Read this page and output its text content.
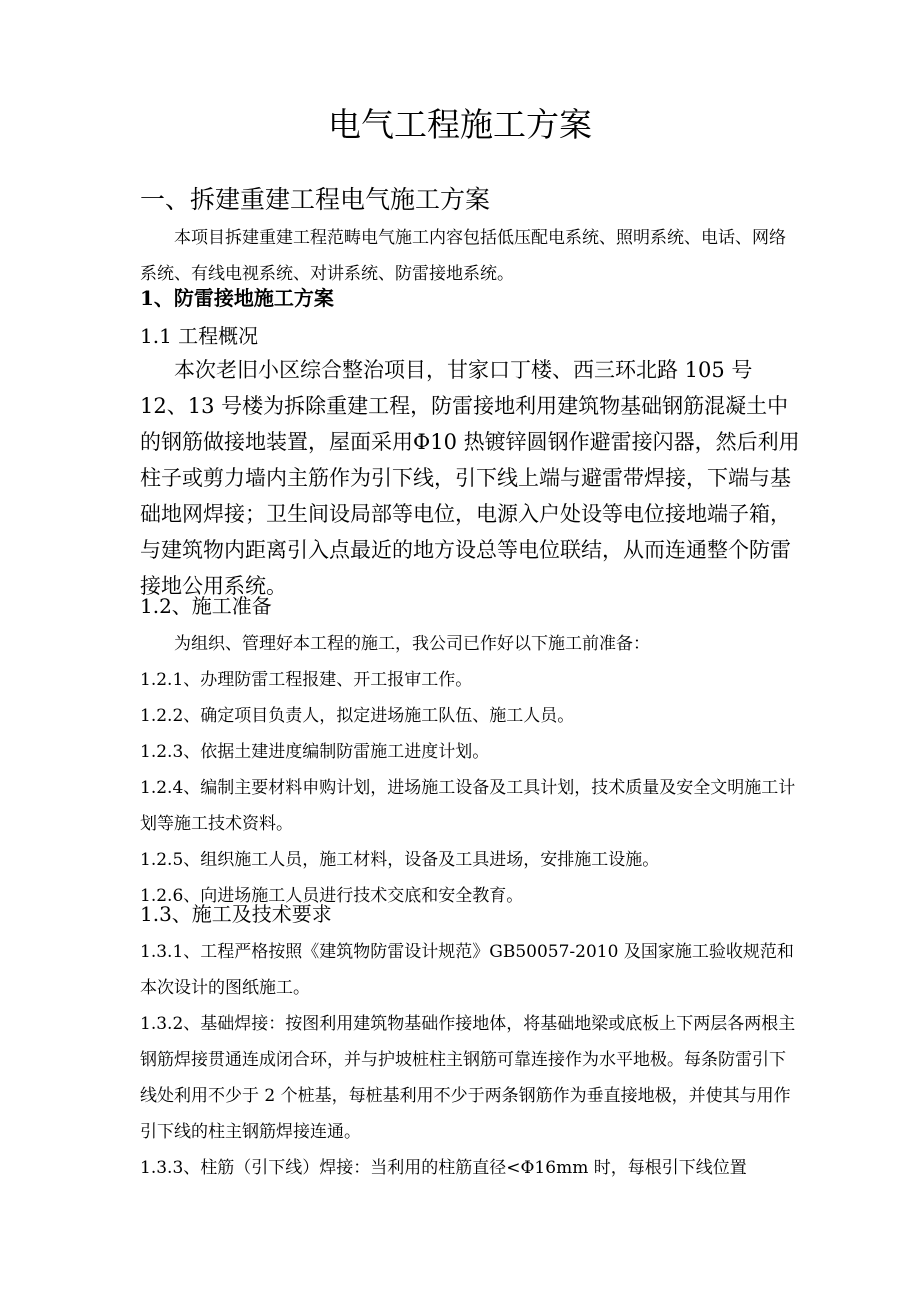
电气工程施工方案
一、拆建重建工程电气施工方案

本项目拆建重建工程范畴电气施工内容包括低压配电系统、照明系统、电话、网络系统、有线电视系统、对讲系统、防雷接地系统。

1、防雷接地施工方案
1.1 工程概况

本次老旧小区综合整治项目，甘家口丁楼、西三环北路 105 号 12、13 号楼为拆除重建工程，防雷接地利用建筑物基础钢筋混凝土中的钢筋做接地装置，屋面采用Φ10 热镀锌圆钢作避雷接闪器，然后利用柱子或剪力墙内主筋作为引下线，引下线上端与避雷带焊接，下端与基础地网焊接；卫生间设局部等电位，电源入户处设等电位接地端子箱，与建筑物内距离引入点最近的地方设总等电位联结，从而连通整个防雷接地公用系统。

1.2、施工准备

为组织、管理好本工程的施工，我公司已作好以下施工前准备：

1.2.1、办理防雷工程报建、开工报审工作。

1.2.2、确定项目负责人，拟定进场施工队伍、施工人员。

1.2.3、依据土建进度编制防雷施工进度计划。

1.2.4、编制主要材料申购计划，进场施工设备及工具计划，技术质量及安全文明施工计划等施工技术资料。

1.2.5、组织施工人员，施工材料，设备及工具进场，安排施工设施。

1.2.6、向进场施工人员进行技术交底和安全教育。

1.3、施工及技术要求

1.3.1、工程严格按照《建筑物防雷设计规范》GB50057-2010 及国家施工验收规范和本次设计的图纸施工。

1.3.2、基础焊接：按图利用建筑物基础作接地体，将基础地梁或底板上下两层各两根主钢筋焊接贯通连成闭合环，并与护坡桩柱主钢筋可靠连接作为水平地极。每条防雷引下线处利用不少于 2 个桩基，每桩基利用不少于两条钢筋作为垂直接地极，并使其与用作引下线的柱主钢筋焊接连通。

1.3.3、柱筋（引下线）焊接：当利用的柱筋直径<Φ16mm 时，每根引下线位置
